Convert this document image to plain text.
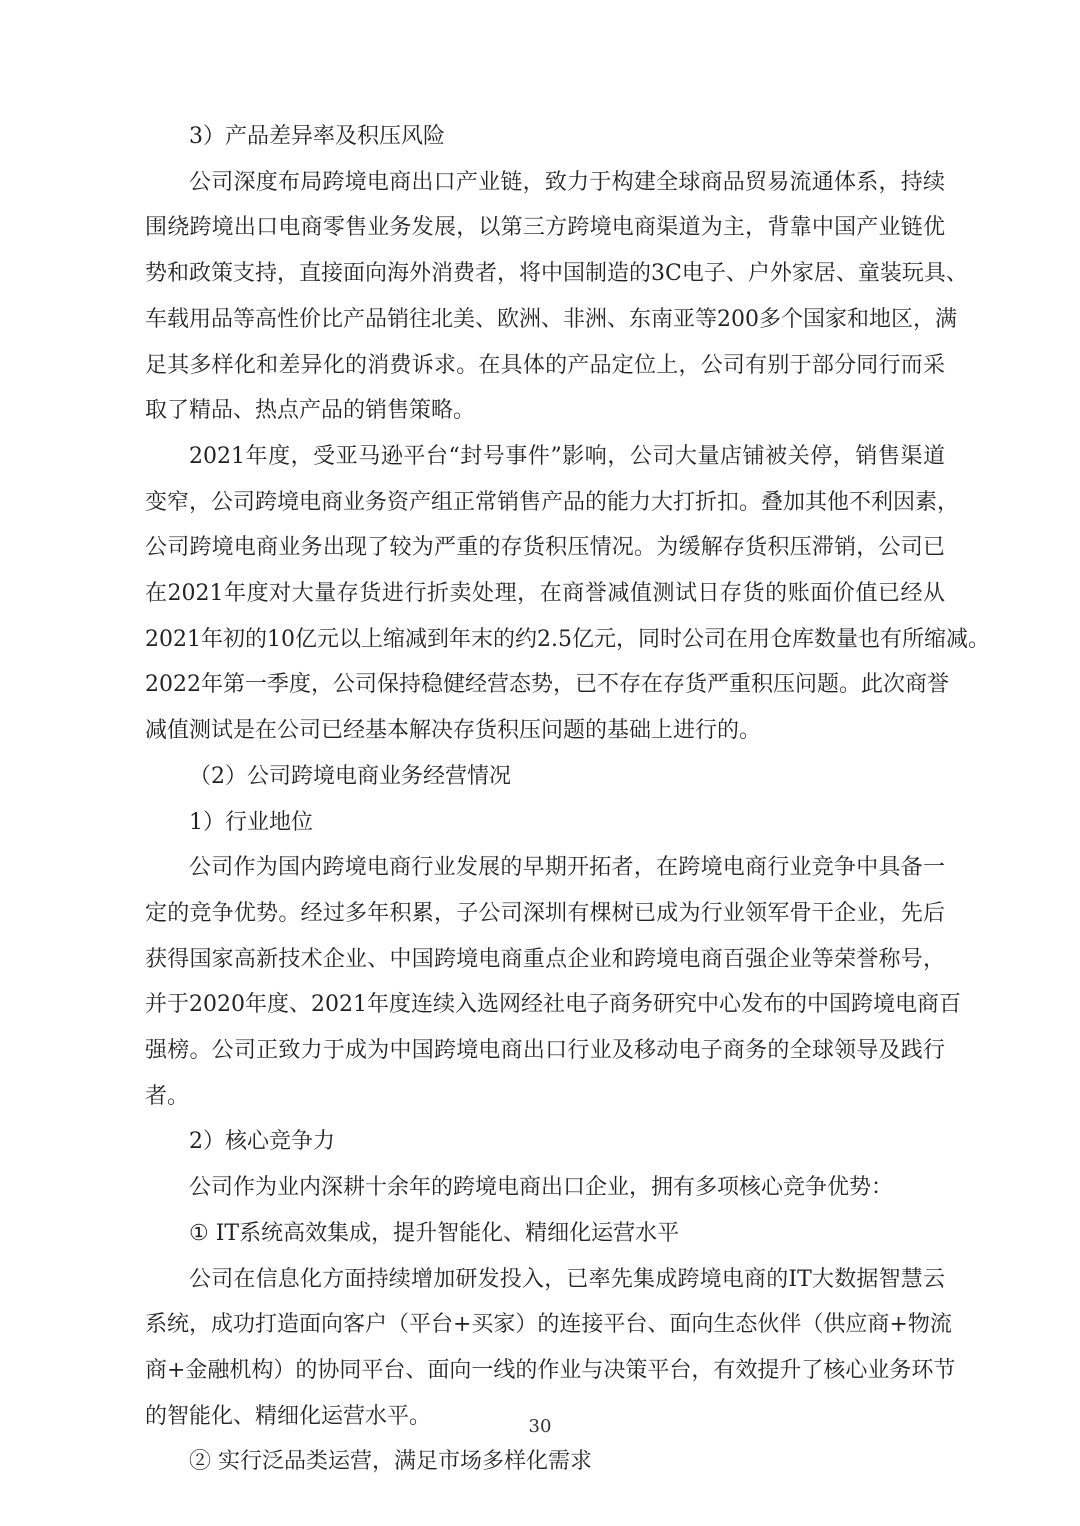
3）产品差异率及积压风险
公司深度布局跨境电商出口产业链，致力于构建全球商品贸易流通体系，持续
围绕跨境出口电商零售业务发展，以第三方跨境电商渠道为主，背靠中国产业链优
势和政策支持，直接面向海外消费者，将中国制造的3C电子、户外家居、童装玩具、
车载用品等高性价比产品销往北美、欧洲、非洲、东南亚等200多个国家和地区，满
足其多样化和差异化的消费诉求。在具体的产品定位上，公司有别于部分同行而采
取了精品、热点产品的销售策略。
2021年度，受亚马逊平台“封号事件”影响，公司大量店铺被关停，销售渠道
变窄，公司跨境电商业务资产组正常销售产品的能力大打折扣。叠加其他不利因素，
公司跨境电商业务出现了较为严重的存货积压情况。为缓解存货积压滞销，公司已
在2021年度对大量存货进行折卖处理，在商誉减值测试日存货的账面价值已经从
2021年初的10亿元以上缩减到年末的约2.5亿元，同时公司在用仓库数量也有所缩减。
2022年第一季度，公司保持稳健经营态势，已不存在存货严重积压问题。此次商誉
减值测试是在公司已经基本解决存货积压问题的基础上进行的。
（2）公司跨境电商业务经营情况
1）行业地位
公司作为国内跨境电商行业发展的早期开拓者，在跨境电商行业竞争中具备一
定的竞争优势。经过多年积累，子公司深圳有棵树已成为行业领军骨干企业，先后
获得国家高新技术企业、中国跨境电商重点企业和跨境电商百强企业等荣誉称号，
并于2020年度、2021年度连续入选网经社电子商务研究中心发布的中国跨境电商百
强榜。公司正致力于成为中国跨境电商出口行业及移动电子商务的全球领导及践行
者。
2）核心竞争力
公司作为业内深耕十余年的跨境电商出口企业，拥有多项核心竞争优势：
① IT系统高效集成，提升智能化、精细化运营水平
公司在信息化方面持续增加研发投入，已率先集成跨境电商的IT大数据智慧云
系统，成功打造面向客户（平台+买家）的连接平台、面向生态伙伴（供应商+物流
商+金融机构）的协同平台、面向一线的作业与决策平台，有效提升了核心业务环节
的智能化、精细化运营水平。
② 实行泛品类运营，满足市场多样化需求
30
